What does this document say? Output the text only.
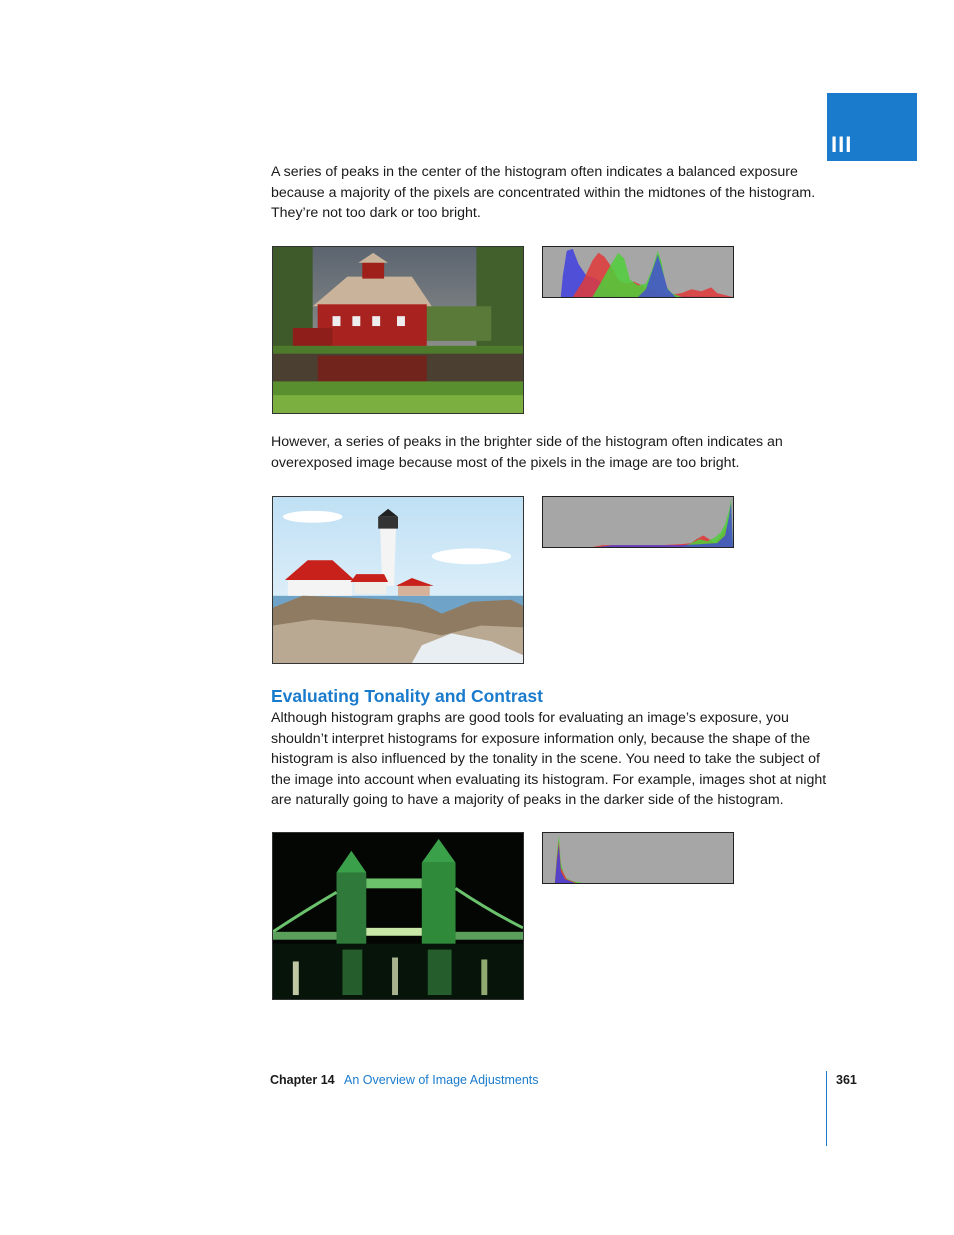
III

A series of peaks in the center of the histogram often indicates a balanced exposure because a majority of the pixels are concentrated within the midtones of the histogram. They’re not too dark or too bright.

However, a series of peaks in the brighter side of the histogram often indicates an overexposed image because most of the pixels in the image are too bright.

Evaluating Tonality and Contrast

Although histogram graphs are good tools for evaluating an image’s exposure, you shouldn’t interpret histograms for exposure information only, because the shape of the histogram is also influenced by the tonality in the scene. You need to take the subject of the image into account when evaluating its histogram. For example, images shot at night are naturally going to have a majority of peaks in the darker side of the histogram.

Chapter 14 An Overview of Image Adjustments	361
